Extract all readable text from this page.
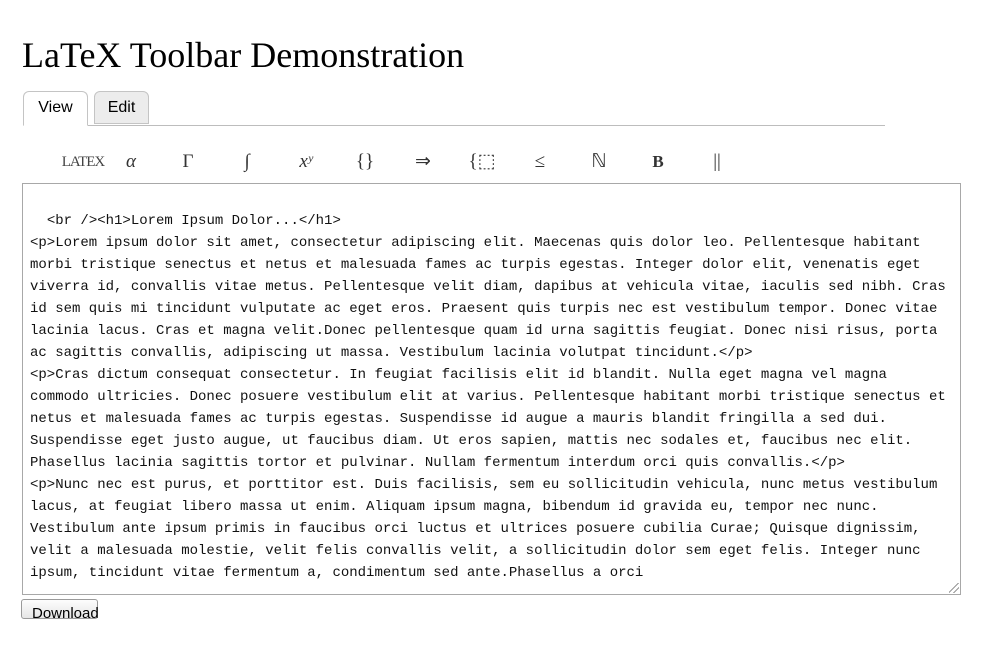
LaTeX Toolbar Demonstration
View	Edit
LATEX	α	Γ	∫	xʸ	{} ⇒ {⬚	≤	ℕ	B	||

<br /><h1>Lorem Ipsum Dolor...</h1>
<p>Lorem ipsum dolor sit amet, consectetur adipiscing elit. Maecenas quis dolor leo. Pellentesque habitant morbi tristique senectus et netus et malesuada fames ac turpis egestas. Integer dolor elit, venenatis eget viverra id, convallis vitae metus. Pellentesque velit diam, dapibus at vehicula vitae, iaculis sed nibh. Cras id sem quis mi tincidunt vulputate ac eget eros. Praesent quis turpis nec est vestibulum tempor. Donec vitae lacinia lacus. Cras et magna velit.Donec pellentesque quam id urna sagittis feugiat. Donec nisi risus, porta ac sagittis convallis, adipiscing ut massa. Vestibulum lacinia volutpat tincidunt.</p>
<p>Cras dictum consequat consectetur. In feugiat facilisis elit id blandit. Nulla eget magna vel magna commodo ultricies. Donec posuere vestibulum elit at varius. Pellentesque habitant morbi tristique senectus et netus et malesuada fames ac turpis egestas. Suspendisse id augue a mauris blandit fringilla a sed dui. Suspendisse eget justo augue, ut faucibus diam. Ut eros sapien, mattis nec sodales et, faucibus nec elit. Phasellus lacinia sagittis tortor et pulvinar. Nullam fermentum interdum orci quis convallis.</p>
<p>Nunc nec est purus, et porttitor est. Duis facilisis, sem eu sollicitudin vehicula, nunc metus vestibulum lacus, at feugiat libero massa ut enim. Aliquam ipsum magna, bibendum id gravida eu, tempor nec nunc. Vestibulum ante ipsum primis in faucibus orci luctus et ultrices posuere cubilia Curae; Quisque dignissim, velit a malesuada molestie, velit felis convallis velit, a sollicitudin dolor sem eget felis. Integer nunc ipsum, tincidunt vitae fermentum a, condimentum sed ante.Phasellus a orci

Download
